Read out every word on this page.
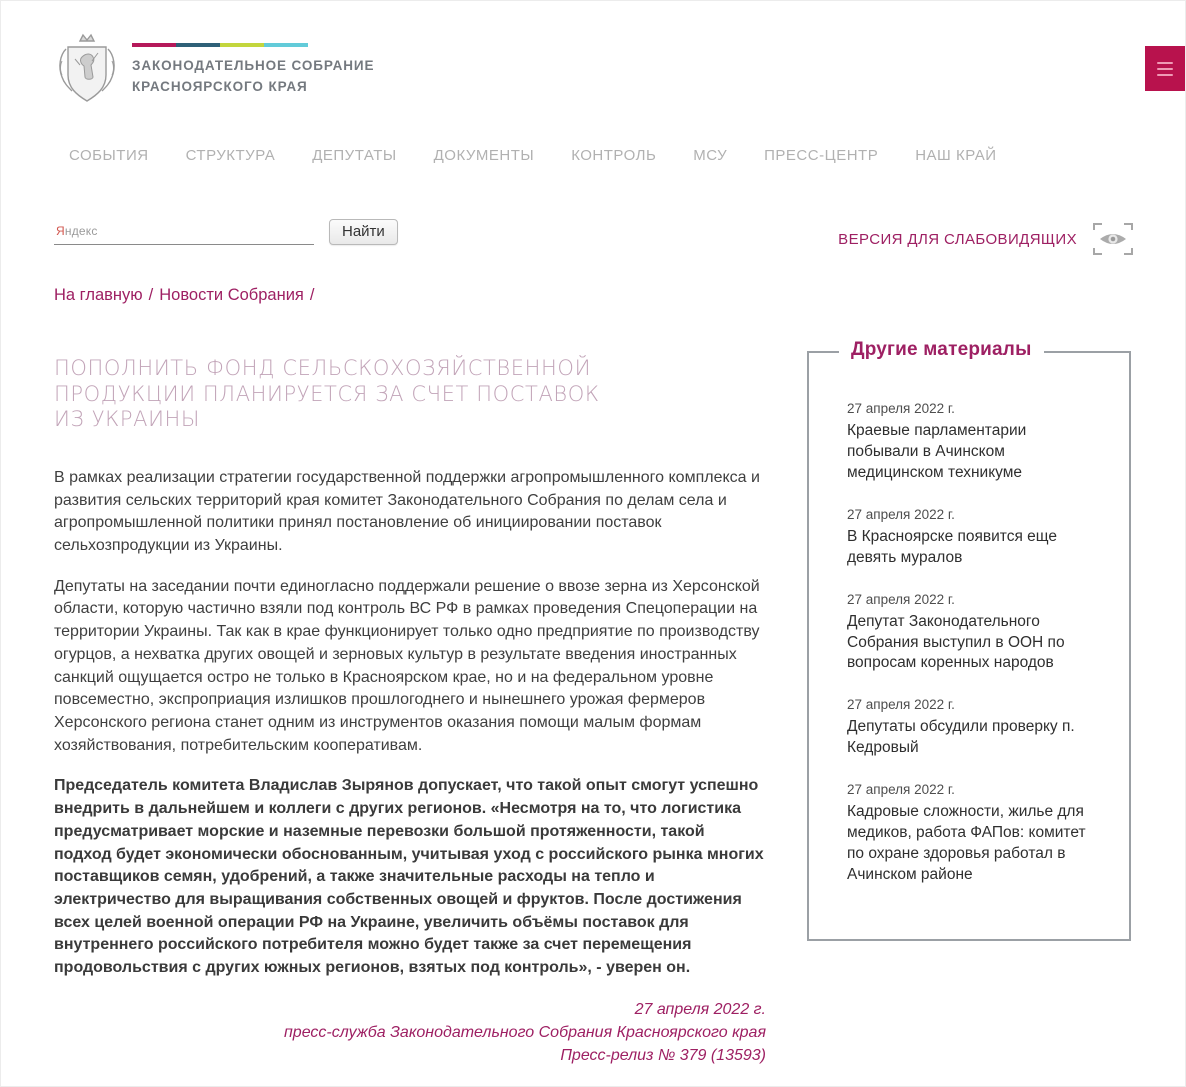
ЗАКОНОДАТЕЛЬНОЕ СОБРАНИЕ
КРАСНОЯРСКОГО КРАЯ
СОБЫТИЯ СТРУКТУРА ДЕПУТАТЫ ДОКУМЕНТЫ КОНТРОЛЬ МСУ ПРЕСС-ЦЕНТР НАШ КРАЙ
Яндекс	Найти	ВЕРСИЯ ДЛЯ СЛАБОВИДЯЩИХ
На главную / Новости Собрания /
ПОПОЛНИТЬ ФОНД СЕЛЬСКОХОЗЯЙСТВЕННОЙ ПРОДУКЦИИ ПЛАНИРУЕТСЯ ЗА СЧЕТ ПОСТАВОК ИЗ УКРАИНЫ

В рамках реализации стратегии государственной поддержки агропромышленного комплекса и развития сельских территорий края комитет Законодательного Собрания по делам села и агропромышленной политики принял постановление об инициировании поставок сельхозпродукции из Украины.

Депутаты на заседании почти единогласно поддержали решение о ввозе зерна из Херсонской области, которую частично взяли под контроль ВС РФ в рамках проведения Спецоперации на территории Украины. Так как в крае функционирует только одно предприятие по производству огурцов, а нехватка других овощей и зерновых культур в результате введения иностранных санкций ощущается остро не только в Красноярском крае, но и на федеральном уровне повсеместно, экспроприация излишков прошлогоднего и нынешнего урожая фермеров Херсонского региона станет одним из инструментов оказания помощи малым формам хозяйствования, потребительским кооперативам.

Председатель комитета Владислав Зырянов допускает, что такой опыт смогут успешно внедрить в дальнейшем и коллеги с других регионов. «Несмотря на то, что логистика предусматривает морские и наземные перевозки большой протяженности, такой подход будет экономически обоснованным, учитывая уход с российского рынка многих поставщиков семян, удобрений, а также значительные расходы на тепло и электричество для выращивания собственных овощей и фруктов. После достижения всех целей военной операции РФ на Украине, увеличить объёмы поставок для внутреннего российского потребителя можно будет также за счет перемещения продовольствия с других южных регионов, взятых под контроль», - уверен он.

27 апреля 2022 г.
пресс-служба Законодательного Собрания Красноярского края
Пресс-релиз № 379 (13593)
Другие материалы
27 апреля 2022 г.
Краевые парламентарии побывали в Ачинском медицинском техникуме
27 апреля 2022 г.
В Красноярске появится еще девять муралов
27 апреля 2022 г.
Депутат Законодательного Собрания выступил в ООН по вопросам коренных народов
27 апреля 2022 г.
Депутаты обсудили проверку п. Кедровый
27 апреля 2022 г.
Кадровые сложности, жилье для медиков, работа ФАПов: комитет по охране здоровья работал в Ачинском районе
